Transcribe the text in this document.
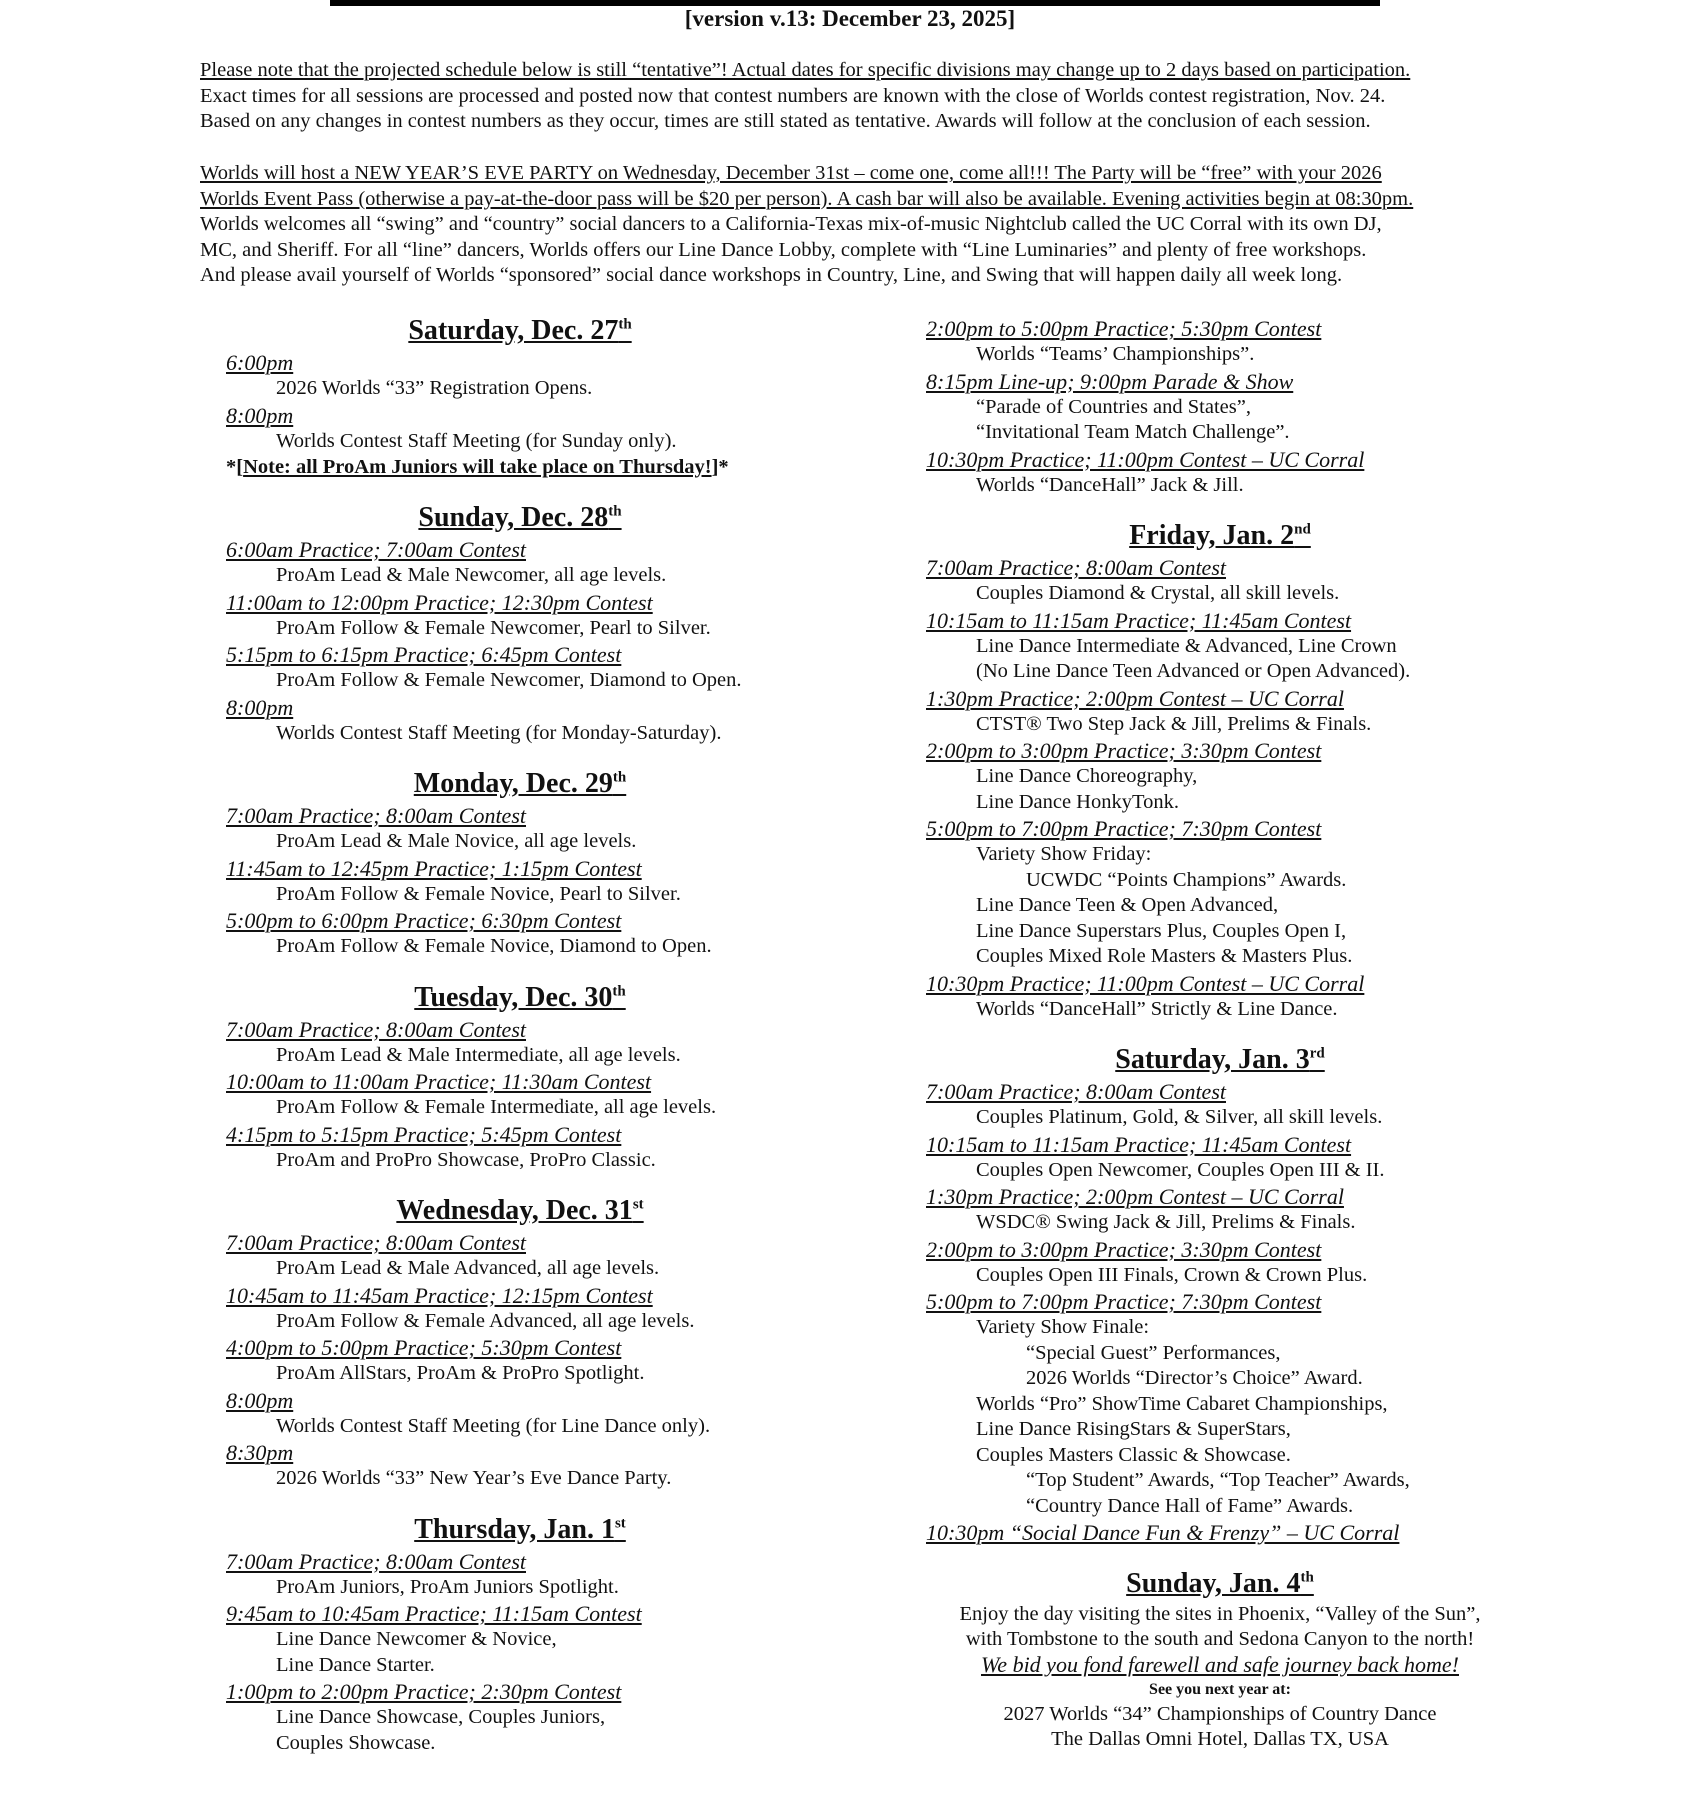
[version v.13: December 23, 2025]
Please note that the projected schedule below is still “tentative”! Actual dates for specific divisions may change up to 2 days based on participation.
Exact times for all sessions are processed and posted now that contest numbers are known with the close of Worlds contest registration, Nov. 24.
Based on any changes in contest numbers as they occur, times are still stated as tentative. Awards will follow at the conclusion of each session.
Worlds will host a NEW YEAR’S EVE PARTY on Wednesday, December 31st – come one, come all!!! The Party will be “free” with your 2026
Worlds Event Pass (otherwise a pay-at-the-door pass will be $20 per person). A cash bar will also be available. Evening activities begin at 08:30pm.
Worlds welcomes all “swing” and “country” social dancers to a California-Texas mix-of-music Nightclub called the UC Corral with its own DJ,
MC, and Sheriff. For all “line” dancers, Worlds offers our Line Dance Lobby, complete with “Line Luminaries” and plenty of free workshops.
And please avail yourself of Worlds “sponsored” social dance workshops in Country, Line, and Swing that will happen daily all week long.
Saturday, Dec. 27th
6:00pm
2026 Worlds “33” Registration Opens.
8:00pm
Worlds Contest Staff Meeting (for Sunday only).
*[Note: all ProAm Juniors will take place on Thursday!]*
Sunday, Dec. 28th
6:00am Practice; 7:00am Contest
ProAm Lead & Male Newcomer, all age levels.
11:00am to 12:00pm Practice; 12:30pm Contest
ProAm Follow & Female Newcomer, Pearl to Silver.
5:15pm to 6:15pm Practice; 6:45pm Contest
ProAm Follow & Female Newcomer, Diamond to Open.
8:00pm
Worlds Contest Staff Meeting (for Monday-Saturday).
Monday, Dec. 29th
7:00am Practice; 8:00am Contest
ProAm Lead & Male Novice, all age levels.
11:45am to 12:45pm Practice; 1:15pm Contest
ProAm Follow & Female Novice, Pearl to Silver.
5:00pm to 6:00pm Practice; 6:30pm Contest
ProAm Follow & Female Novice, Diamond to Open.
Tuesday, Dec. 30th
7:00am Practice; 8:00am Contest
ProAm Lead & Male Intermediate, all age levels.
10:00am to 11:00am Practice; 11:30am Contest
ProAm Follow & Female Intermediate, all age levels.
4:15pm to 5:15pm Practice; 5:45pm Contest
ProAm and ProPro Showcase, ProPro Classic.
Wednesday, Dec. 31st
7:00am Practice; 8:00am Contest
ProAm Lead & Male Advanced, all age levels.
10:45am to 11:45am Practice; 12:15pm Contest
ProAm Follow & Female Advanced, all age levels.
4:00pm to 5:00pm Practice; 5:30pm Contest
ProAm AllStars, ProAm & ProPro Spotlight.
8:00pm
Worlds Contest Staff Meeting (for Line Dance only).
8:30pm
2026 Worlds “33” New Year’s Eve Dance Party.
Thursday, Jan. 1st
7:00am Practice; 8:00am Contest
ProAm Juniors, ProAm Juniors Spotlight.
9:45am to 10:45am Practice; 11:15am Contest
Line Dance Newcomer & Novice,
Line Dance Starter.
1:00pm to 2:00pm Practice; 2:30pm Contest
Line Dance Showcase, Couples Juniors,
Couples Showcase.
2:00pm to 5:00pm Practice; 5:30pm Contest
Worlds “Teams’ Championships”.
8:15pm Line-up; 9:00pm Parade & Show
“Parade of Countries and States”,
“Invitational Team Match Challenge”.
10:30pm Practice; 11:00pm Contest – UC Corral
Worlds “DanceHall” Jack & Jill.
Friday, Jan. 2nd
7:00am Practice; 8:00am Contest
Couples Diamond & Crystal, all skill levels.
10:15am to 11:15am Practice; 11:45am Contest
Line Dance Intermediate & Advanced, Line Crown
(No Line Dance Teen Advanced or Open Advanced).
1:30pm Practice; 2:00pm Contest – UC Corral
CTST® Two Step Jack & Jill, Prelims & Finals.
2:00pm to 3:00pm Practice; 3:30pm Contest
Line Dance Choreography,
Line Dance HonkyTonk.
5:00pm to 7:00pm Practice; 7:30pm Contest
Variety Show Friday:
UCWDC “Points Champions” Awards.
Line Dance Teen & Open Advanced,
Line Dance Superstars Plus, Couples Open I,
Couples Mixed Role Masters & Masters Plus.
10:30pm Practice; 11:00pm Contest – UC Corral
Worlds “DanceHall” Strictly & Line Dance.
Saturday, Jan. 3rd
7:00am Practice; 8:00am Contest
Couples Platinum, Gold, & Silver, all skill levels.
10:15am to 11:15am Practice; 11:45am Contest
Couples Open Newcomer, Couples Open III & II.
1:30pm Practice; 2:00pm Contest – UC Corral
WSDC® Swing Jack & Jill, Prelims & Finals.
2:00pm to 3:00pm Practice; 3:30pm Contest
Couples Open III Finals, Crown & Crown Plus.
5:00pm to 7:00pm Practice; 7:30pm Contest
Variety Show Finale:
“Special Guest” Performances,
2026 Worlds “Director’s Choice” Award.
Worlds “Pro” ShowTime Cabaret Championships,
Line Dance RisingStars & SuperStars,
Couples Masters Classic & Showcase.
“Top Student” Awards, “Top Teacher” Awards,
“Country Dance Hall of Fame” Awards.
10:30pm “Social Dance Fun & Frenzy” – UC Corral
Sunday, Jan. 4th
Enjoy the day visiting the sites in Phoenix, “Valley of the Sun”,
with Tombstone to the south and Sedona Canyon to the north!
We bid you fond farewell and safe journey back home!
See you next year at:
2027 Worlds “34” Championships of Country Dance
The Dallas Omni Hotel, Dallas TX, USA
